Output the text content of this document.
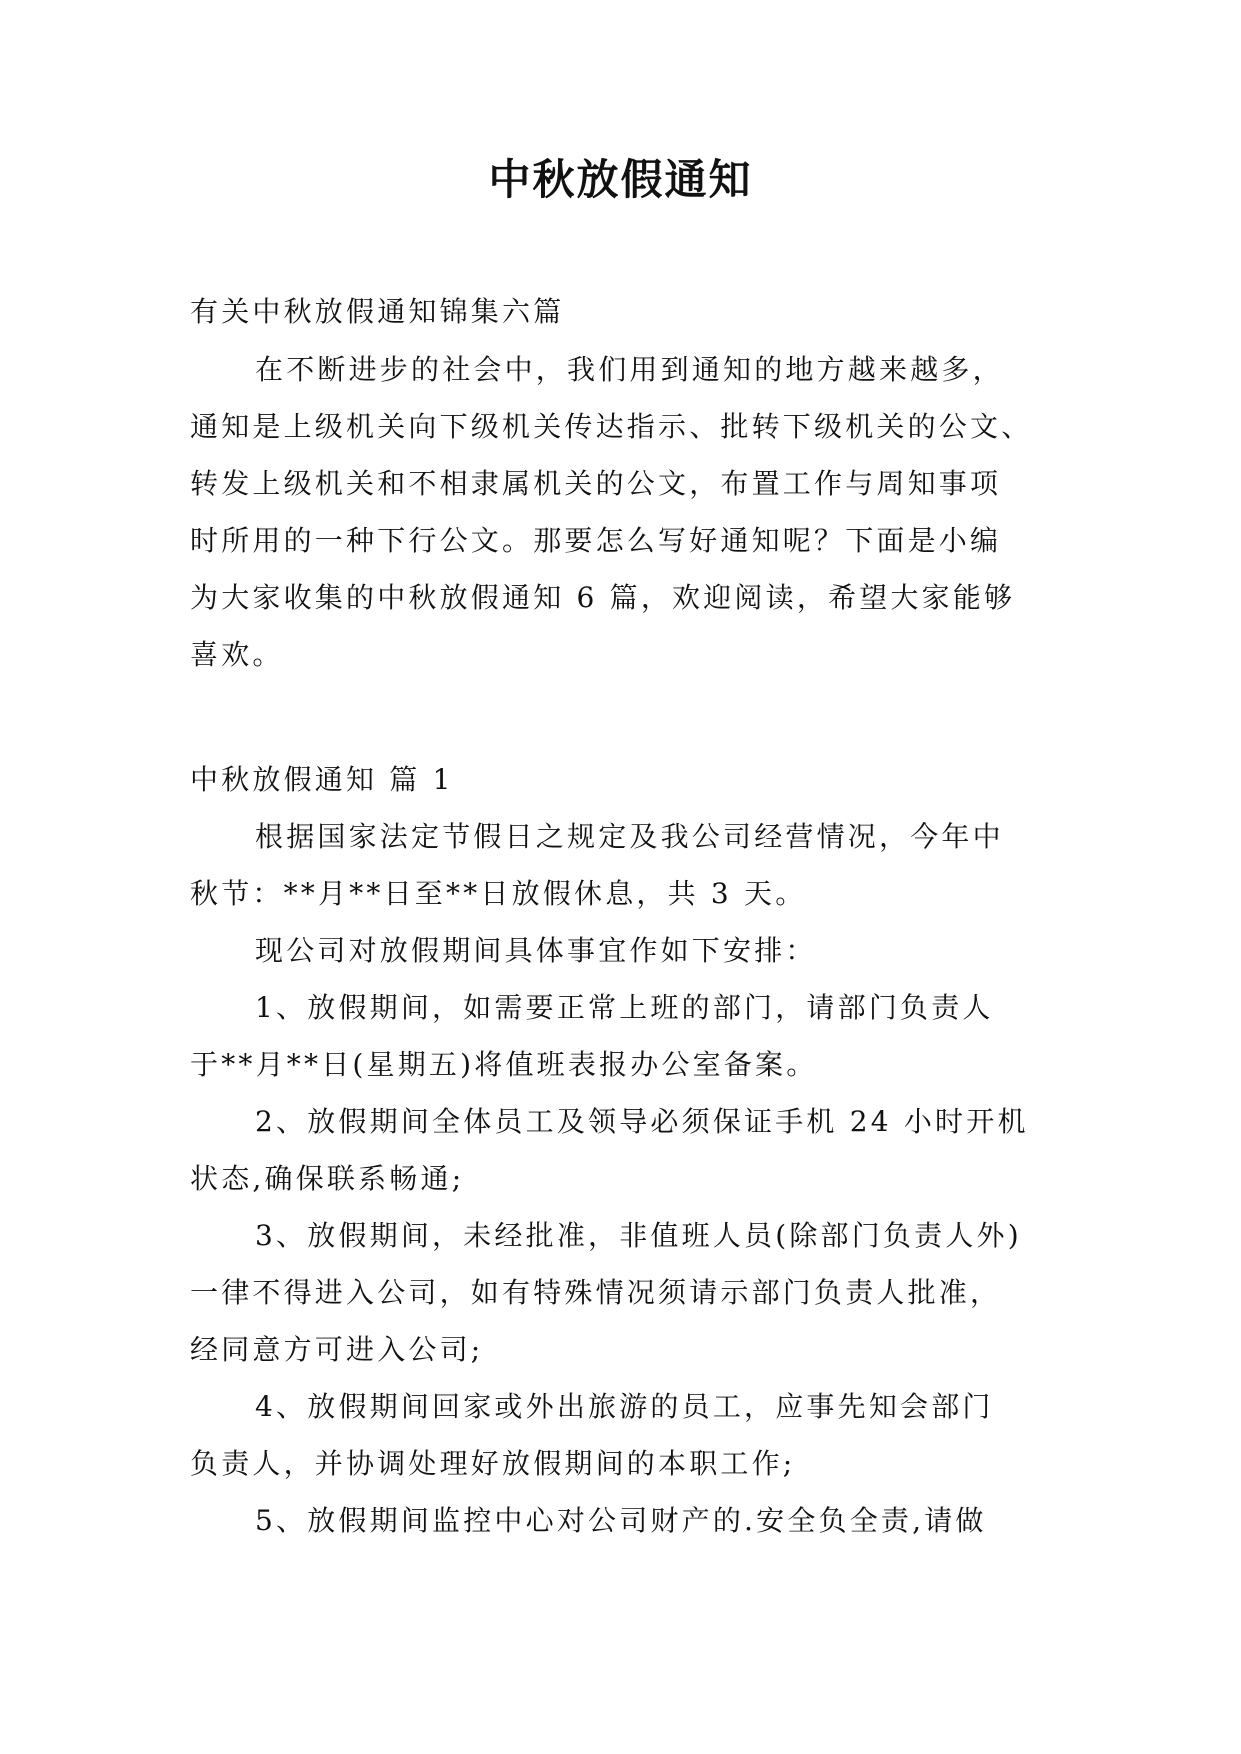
中秋放假通知
有关中秋放假通知锦集六篇
在不断进步的社会中，我们用到通知的地方越来越多，
通知是上级机关向下级机关传达指示、批转下级机关的公文、
转发上级机关和不相隶属机关的公文，布置工作与周知事项
时所用的一种下行公文。那要怎么写好通知呢？下面是小编
为大家收集的中秋放假通知 6 篇，欢迎阅读，希望大家能够
喜欢。
中秋放假通知 篇 1
根据国家法定节假日之规定及我公司经营情况，今年中
秋节：**月**日至**日放假休息，共 3 天。
现公司对放假期间具体事宜作如下安排：
1、放假期间，如需要正常上班的部门，请部门负责人
于**月**日(星期五)将值班表报办公室备案。
2、放假期间全体员工及领导必须保证手机 24 小时开机
状态,确保联系畅通;
3、放假期间，未经批准，非值班人员(除部门负责人外)
一律不得进入公司，如有特殊情况须请示部门负责人批准，
经同意方可进入公司;
4、放假期间回家或外出旅游的员工，应事先知会部门
负责人，并协调处理好放假期间的本职工作;
5、放假期间监控中心对公司财产的.安全负全责,请做
